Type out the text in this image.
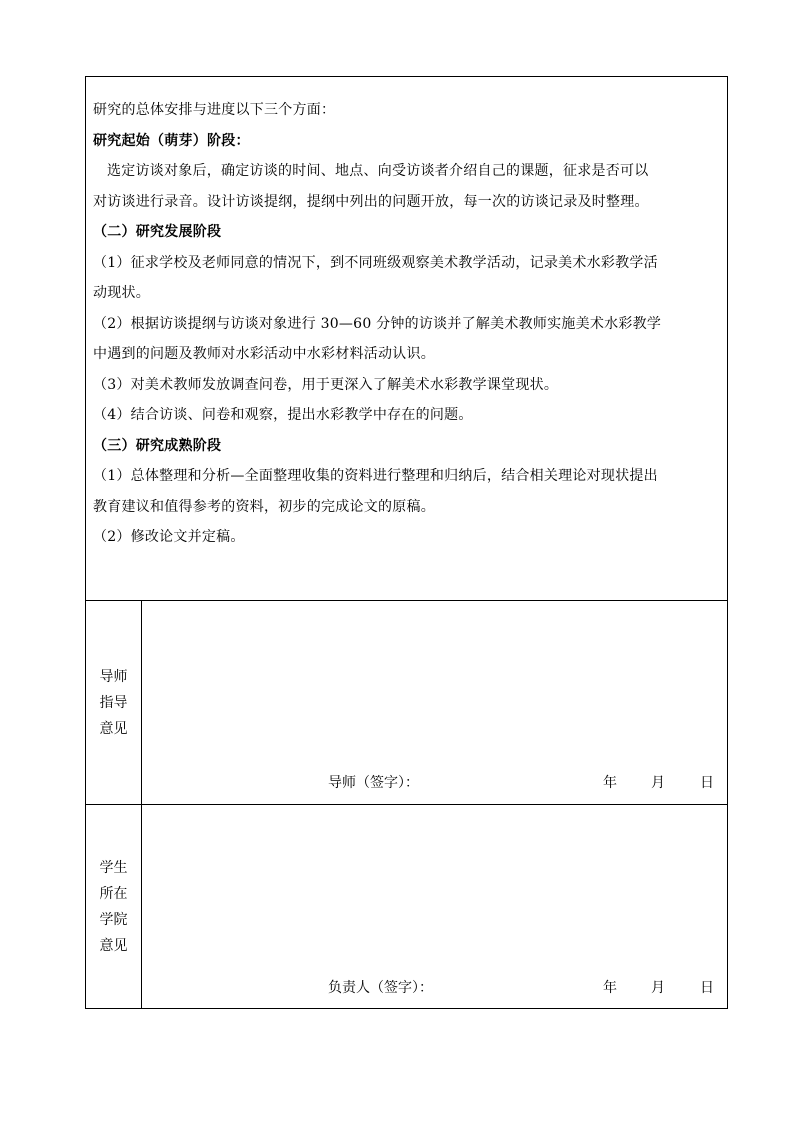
研究的总体安排与进度以下三个方面：
研究起始（萌芽）阶段：
选定访谈对象后，确定访谈的时间、地点、向受访谈者介绍自己的课题，征求是否可以
对访谈进行录音。设计访谈提纲，提纲中列出的问题开放，每一次的访谈记录及时整理。
（二）研究发展阶段
（1）征求学校及老师同意的情况下，到不同班级观察美术教学活动，记录美术水彩教学活
动现状。
（2）根据访谈提纲与访谈对象进行 30—60 分钟的访谈并了解美术教师实施美术水彩教学
中遇到的问题及教师对水彩活动中水彩材料活动认识。
（3）对美术教师发放调查问卷，用于更深入了解美术水彩教学课堂现状。
（4）结合访谈、问卷和观察，提出水彩教学中存在的问题。
（三）研究成熟阶段
（1）总体整理和分析—全面整理收集的资料进行整理和归纳后，结合相关理论对现状提出
教育建议和值得参考的资料，初步的完成论文的原稿。
（2）修改论文并定稿。
导师
指导
意见
导师（签字）：	年 月	日
学生
所在
学院
意见
负责人（签字）：	年 月	日
